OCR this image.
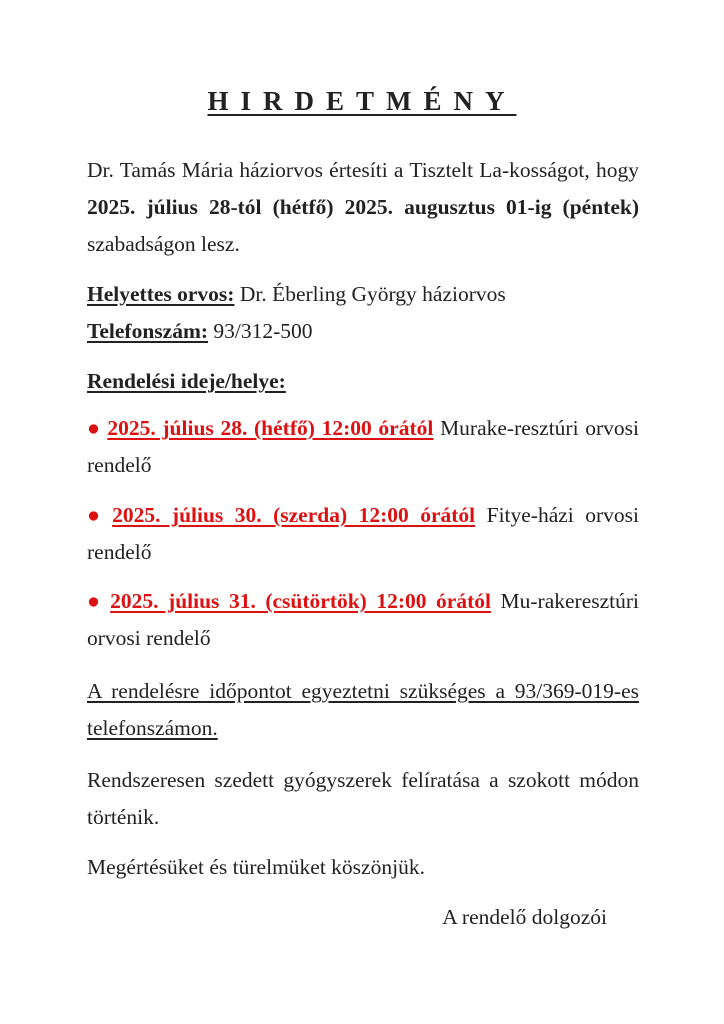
HIRDETMÉNY
Dr. Tamás Mária háziorvos értesíti a Tisztelt La-kosságot, hogy 2025. július 28-tól (hétfő) 2025. augusztus 01-ig (péntek) szabadságon lesz.
Helyettes orvos: Dr. Éberling György háziorvos
Telefonszám: 93/312-500
Rendelési ideje/helye:
● 2025. július 28. (hétfő) 12:00 órától Murake-resztúri orvosi rendelő
● 2025. július 30. (szerda) 12:00 órától Fitye-házi orvosi rendelő
● 2025. július 31. (csütörtök) 12:00 órától Mu-rakeresztúri orvosi rendelő
A rendelésre időpontot egyeztetni szükséges a 93/369-019-es telefonszámon.
Rendszeresen szedett gyógyszerek felíratása a szokott módon történik.
Megértésüket és türelmüket köszönjük.
A rendelő dolgozói
